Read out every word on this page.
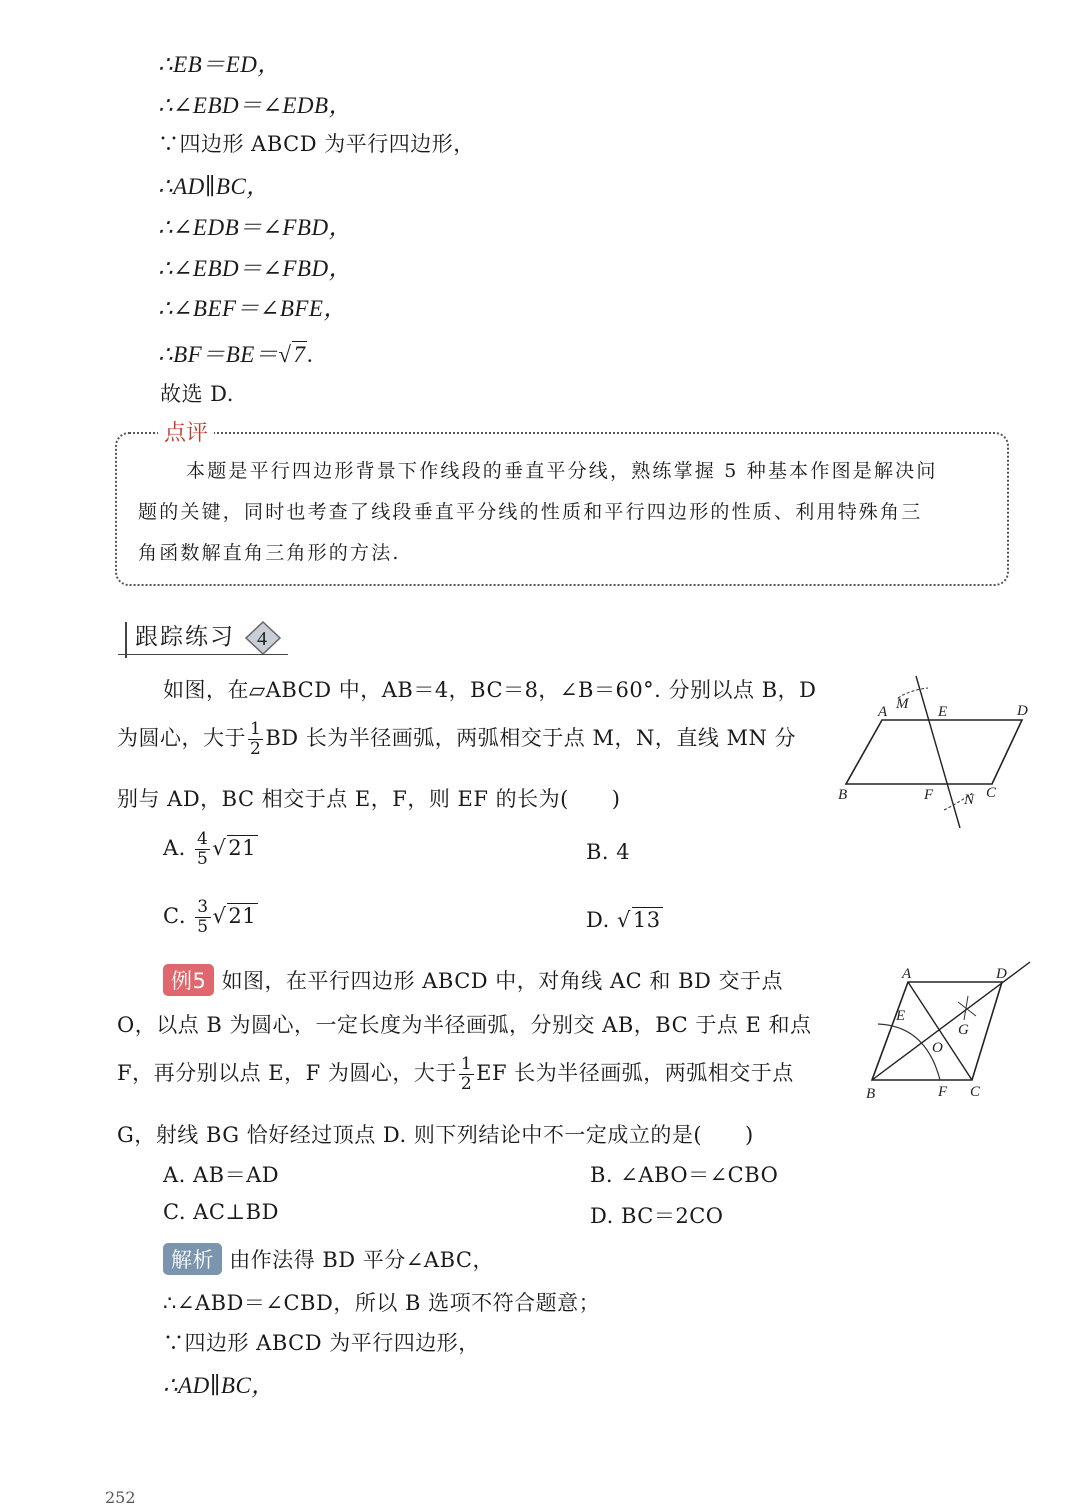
∴EB＝ED，
∴∠EBD＝∠EDB，
∵四边形 ABCD 为平行四边形，
∴AD∥BC，
∴∠EDB＝∠FBD，
∴∠EBD＝∠FBD，
∴∠BEF＝∠BFE，
∴BF＝BE＝√7.
故选 D.
点评
本题是平行四边形背景下作线段的垂直平分线，熟练掌握 5 种基本作图是解决问
题的关键，同时也考查了线段垂直平分线的性质和平行四边形的性质、利用特殊角三
角函数解直角三角形的方法.
跟踪练习 4
如图，在▱ABCD 中，AB＝4，BC＝8，∠B＝60°. 分别以点 B，D
为圆心，大于 $\frac{1}{2}$ BD 长为半径画弧，两弧相交于点 M，N，直线 MN 分
别与 AD，BC 相交于点 E，F，则 EF 的长为(　　)
A. $\frac{4}{5} √21$	B. 4
C. $\frac{3}{5} √21$	D. √13
A M E	D
B	F N C
例5 如图，在平行四边形 ABCD 中，对角线 AC 和 BD 交于点
O，以点 B 为圆心，一定长度为半径画弧，分别交 AB，BC 于点 E 和点
F，再分别以点 E，F 为圆心，大于 $\frac{1}{2}$ EF 长为半径画弧，两弧相交于点
G，射线 BG 恰好经过顶点 D. 则下列结论中不一定成立的是(　　)
A. AB＝AD	B. ∠ABO＝∠CBO
C. AC⊥BD	D. BC＝2CO
A	D
E
G
O
B	F C
解析 由作法得 BD 平分∠ABC，
∴∠ABD＝∠CBD，所以 B 选项不符合题意；
∵四边形 ABCD 为平行四边形，
∴AD∥BC，
252
